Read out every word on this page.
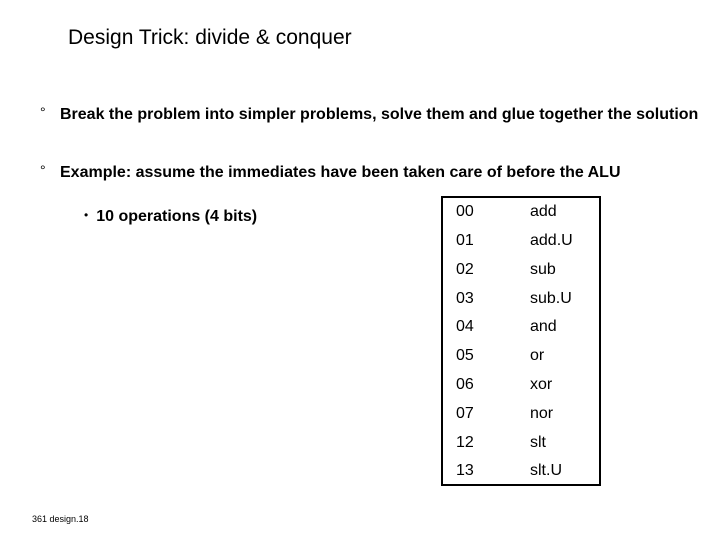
Design Trick: divide & conquer
° Break the problem into simpler problems, solve them and glue together the solution
° Example: assume the immediates have been taken care of before the ALU
• 10 operations (4 bits)	00	add
01	add.U
02	sub
03	sub.U
04	and
05	or
06	xor
07	nor
12	slt
13	slt.U
361 design.18
